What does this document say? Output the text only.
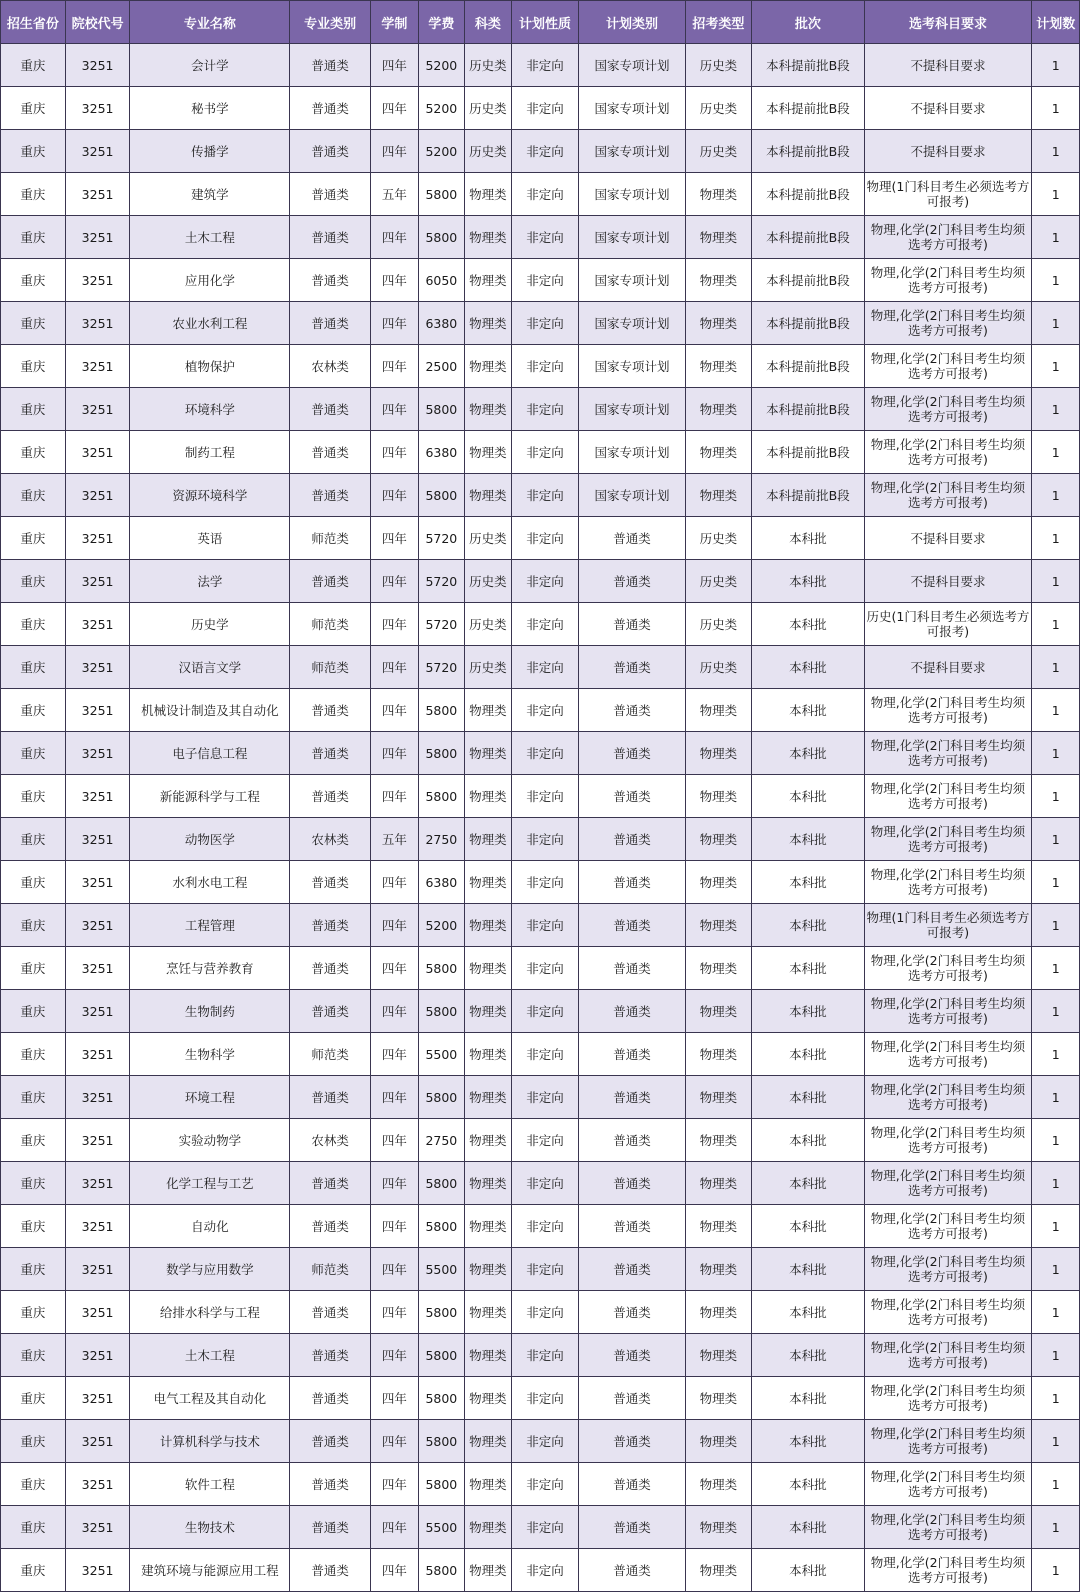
招生省份	院校代号	专业名称	专业类别	学制	学费	科类	计划性质	计划类别	招考类型	批次	选考科目要求	计划数
重庆	3251	会计学	普通类	四年	5200	历史类	非定向	国家专项计划	历史类	本科提前批B段	不提科目要求	1
重庆	3251	秘书学	普通类	四年	5200	历史类	非定向	国家专项计划	历史类	本科提前批B段	不提科目要求	1
重庆	3251	传播学	普通类	四年	5200	历史类	非定向	国家专项计划	历史类	本科提前批B段	不提科目要求	1
重庆	3251	建筑学	普通类	五年	5800	物理类	非定向	国家专项计划	物理类	本科提前批B段	物理(1门科目考生必须选考方可报考)	1
重庆	3251	土木工程	普通类	四年	5800	物理类	非定向	国家专项计划	物理类	本科提前批B段	物理,化学(2门科目考生均须选考方可报考)	1
重庆	3251	应用化学	普通类	四年	6050	物理类	非定向	国家专项计划	物理类	本科提前批B段	物理,化学(2门科目考生均须选考方可报考)	1
重庆	3251	农业水利工程	普通类	四年	6380	物理类	非定向	国家专项计划	物理类	本科提前批B段	物理,化学(2门科目考生均须选考方可报考)	1
重庆	3251	植物保护	农林类	四年	2500	物理类	非定向	国家专项计划	物理类	本科提前批B段	物理,化学(2门科目考生均须选考方可报考)	1
重庆	3251	环境科学	普通类	四年	5800	物理类	非定向	国家专项计划	物理类	本科提前批B段	物理,化学(2门科目考生均须选考方可报考)	1
重庆	3251	制药工程	普通类	四年	6380	物理类	非定向	国家专项计划	物理类	本科提前批B段	物理,化学(2门科目考生均须选考方可报考)	1
重庆	3251	资源环境科学	普通类	四年	5800	物理类	非定向	国家专项计划	物理类	本科提前批B段	物理,化学(2门科目考生均须选考方可报考)	1
重庆	3251	英语	师范类	四年	5720	历史类	非定向	普通类	历史类	本科批	不提科目要求	1
重庆	3251	法学	普通类	四年	5720	历史类	非定向	普通类	历史类	本科批	不提科目要求	1
重庆	3251	历史学	师范类	四年	5720	历史类	非定向	普通类	历史类	本科批	历史(1门科目考生必须选考方可报考)	1
重庆	3251	汉语言文学	师范类	四年	5720	历史类	非定向	普通类	历史类	本科批	不提科目要求	1
重庆	3251	机械设计制造及其自动化	普通类	四年	5800	物理类	非定向	普通类	物理类	本科批	物理,化学(2门科目考生均须选考方可报考)	1
重庆	3251	电子信息工程	普通类	四年	5800	物理类	非定向	普通类	物理类	本科批	物理,化学(2门科目考生均须选考方可报考)	1
重庆	3251	新能源科学与工程	普通类	四年	5800	物理类	非定向	普通类	物理类	本科批	物理,化学(2门科目考生均须选考方可报考)	1
重庆	3251	动物医学	农林类	五年	2750	物理类	非定向	普通类	物理类	本科批	物理,化学(2门科目考生均须选考方可报考)	1
重庆	3251	水利水电工程	普通类	四年	6380	物理类	非定向	普通类	物理类	本科批	物理,化学(2门科目考生均须选考方可报考)	1
重庆	3251	工程管理	普通类	四年	5200	物理类	非定向	普通类	物理类	本科批	物理(1门科目考生必须选考方可报考)	1
重庆	3251	烹饪与营养教育	普通类	四年	5800	物理类	非定向	普通类	物理类	本科批	物理,化学(2门科目考生均须选考方可报考)	1
重庆	3251	生物制药	普通类	四年	5800	物理类	非定向	普通类	物理类	本科批	物理,化学(2门科目考生均须选考方可报考)	1
重庆	3251	生物科学	师范类	四年	5500	物理类	非定向	普通类	物理类	本科批	物理,化学(2门科目考生均须选考方可报考)	1
重庆	3251	环境工程	普通类	四年	5800	物理类	非定向	普通类	物理类	本科批	物理,化学(2门科目考生均须选考方可报考)	1
重庆	3251	实验动物学	农林类	四年	2750	物理类	非定向	普通类	物理类	本科批	物理,化学(2门科目考生均须选考方可报考)	1
重庆	3251	化学工程与工艺	普通类	四年	5800	物理类	非定向	普通类	物理类	本科批	物理,化学(2门科目考生均须选考方可报考)	1
重庆	3251	自动化	普通类	四年	5800	物理类	非定向	普通类	物理类	本科批	物理,化学(2门科目考生均须选考方可报考)	1
重庆	3251	数学与应用数学	师范类	四年	5500	物理类	非定向	普通类	物理类	本科批	物理,化学(2门科目考生均须选考方可报考)	1
重庆	3251	给排水科学与工程	普通类	四年	5800	物理类	非定向	普通类	物理类	本科批	物理,化学(2门科目考生均须选考方可报考)	1
重庆	3251	土木工程	普通类	四年	5800	物理类	非定向	普通类	物理类	本科批	物理,化学(2门科目考生均须选考方可报考)	1
重庆	3251	电气工程及其自动化	普通类	四年	5800	物理类	非定向	普通类	物理类	本科批	物理,化学(2门科目考生均须选考方可报考)	1
重庆	3251	计算机科学与技术	普通类	四年	5800	物理类	非定向	普通类	物理类	本科批	物理,化学(2门科目考生均须选考方可报考)	1
重庆	3251	软件工程	普通类	四年	5800	物理类	非定向	普通类	物理类	本科批	物理,化学(2门科目考生均须选考方可报考)	1
重庆	3251	生物技术	普通类	四年	5500	物理类	非定向	普通类	物理类	本科批	物理,化学(2门科目考生均须选考方可报考)	1
重庆	3251	建筑环境与能源应用工程	普通类	四年	5800	物理类	非定向	普通类	物理类	本科批	物理,化学(2门科目考生均须选考方可报考)	1
